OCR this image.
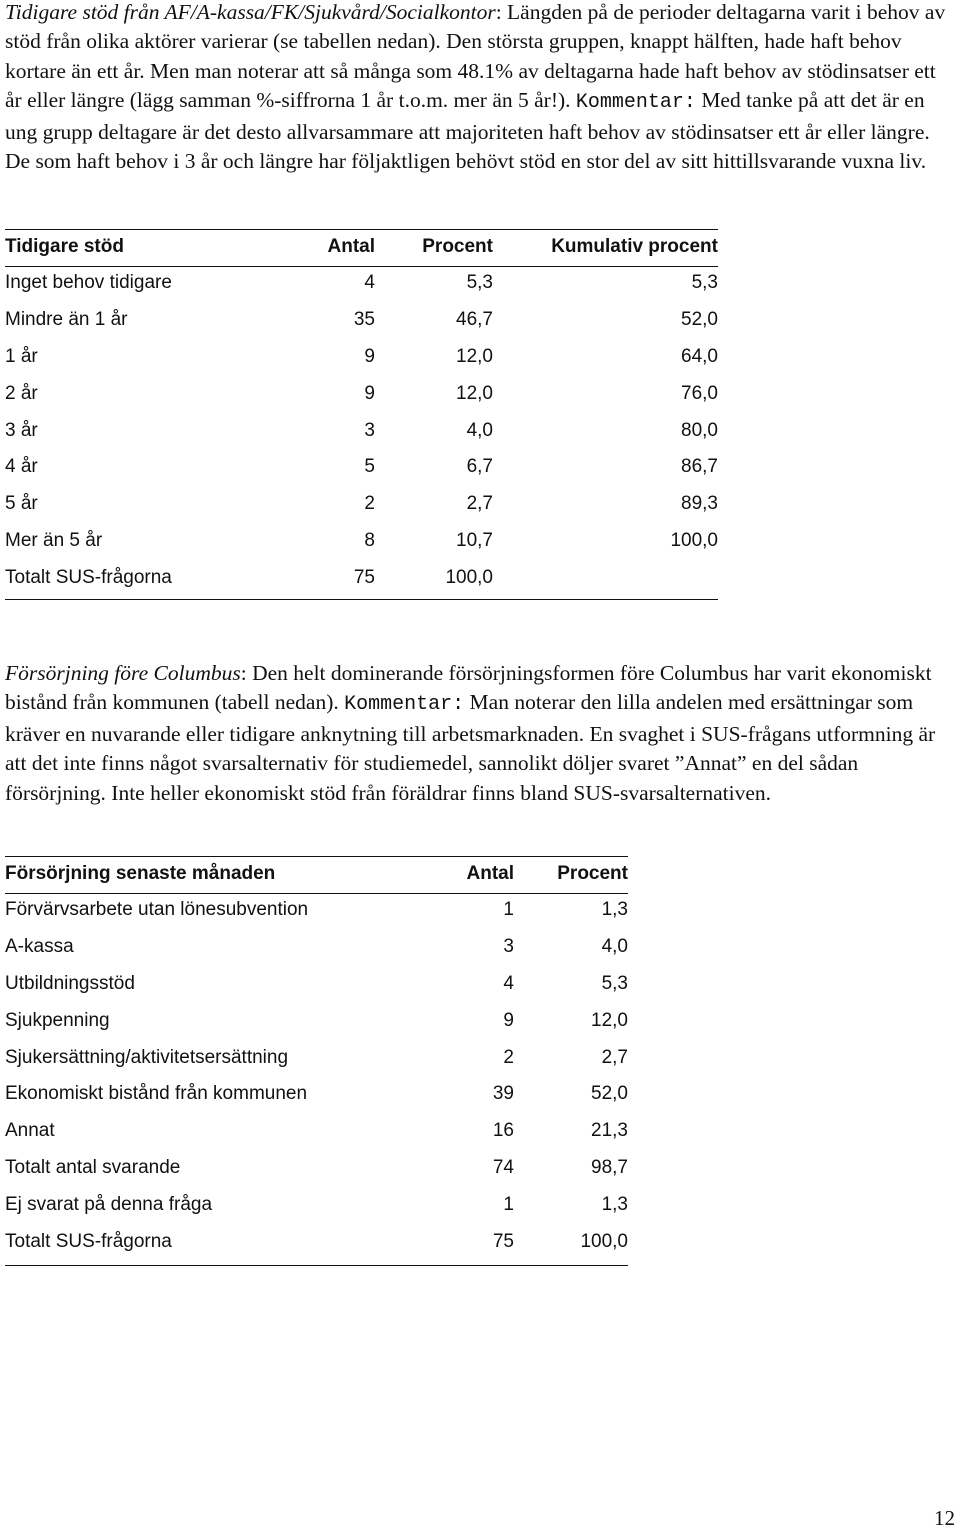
Tidigare stöd från AF/A-kassa/FK/Sjukvård/Socialkontor: Längden på de perioder deltagarna varit i behov av stöd från olika aktörer varierar (se tabellen nedan). Den största gruppen, knappt hälften, hade haft behov kortare än ett år. Men man noterar att så många som 48.1% av deltagarna hade haft behov av stödinsatser ett år eller längre (lägg samman %-siffrorna 1 år t.o.m. mer än 5 år!). Kommentar: Med tanke på att det är en ung grupp deltagare är det desto allvarsammare att majoriteten haft behov av stödinsatser ett år eller längre. De som haft behov i 3 år och längre har följaktligen behövt stöd en stor del av sitt hittillsvarande vuxna liv.
Tidigare stöd	Antal	Procent	Kumulativ procent
Inget behov tidigare	4	5,3	5,3
Mindre än 1 år	35	46,7	52,0
1 år	9	12,0	64,0
2 år	9	12,0	76,0
3 år	3	4,0	80,0
4 år	5	6,7	86,7
5 år	2	2,7	89,3
Mer än 5 år	8	10,7	100,0
Totalt SUS-frågorna	75	100,0	
Försörjning före Columbus: Den helt dominerande försörjningsformen före Columbus har varit ekonomiskt bistånd från kommunen (tabell nedan). Kommentar: Man noterar den lilla andelen med ersättningar som kräver en nuvarande eller tidigare anknytning till arbetsmarknaden. En svaghet i SUS-frågans utformning är att det inte finns något svarsalternativ för studiemedel, sannolikt döljer svaret ”Annat” en del sådan försörjning. Inte heller ekonomiskt stöd från föräldrar finns bland SUS-svarsalternativen.
Försörjning senaste månaden	Antal	Procent
Förvärvsarbete utan lönesubvention	1	1,3
A-kassa	3	4,0
Utbildningsstöd	4	5,3
Sjukpenning	9	12,0
Sjukersättning/aktivitetsersättning	2	2,7
Ekonomiskt bistånd från kommunen	39	52,0
Annat	16	21,3
Totalt antal svarande	74	98,7
Ej svarat på denna fråga	1	1,3
Totalt SUS-frågorna	75	100,0
12
